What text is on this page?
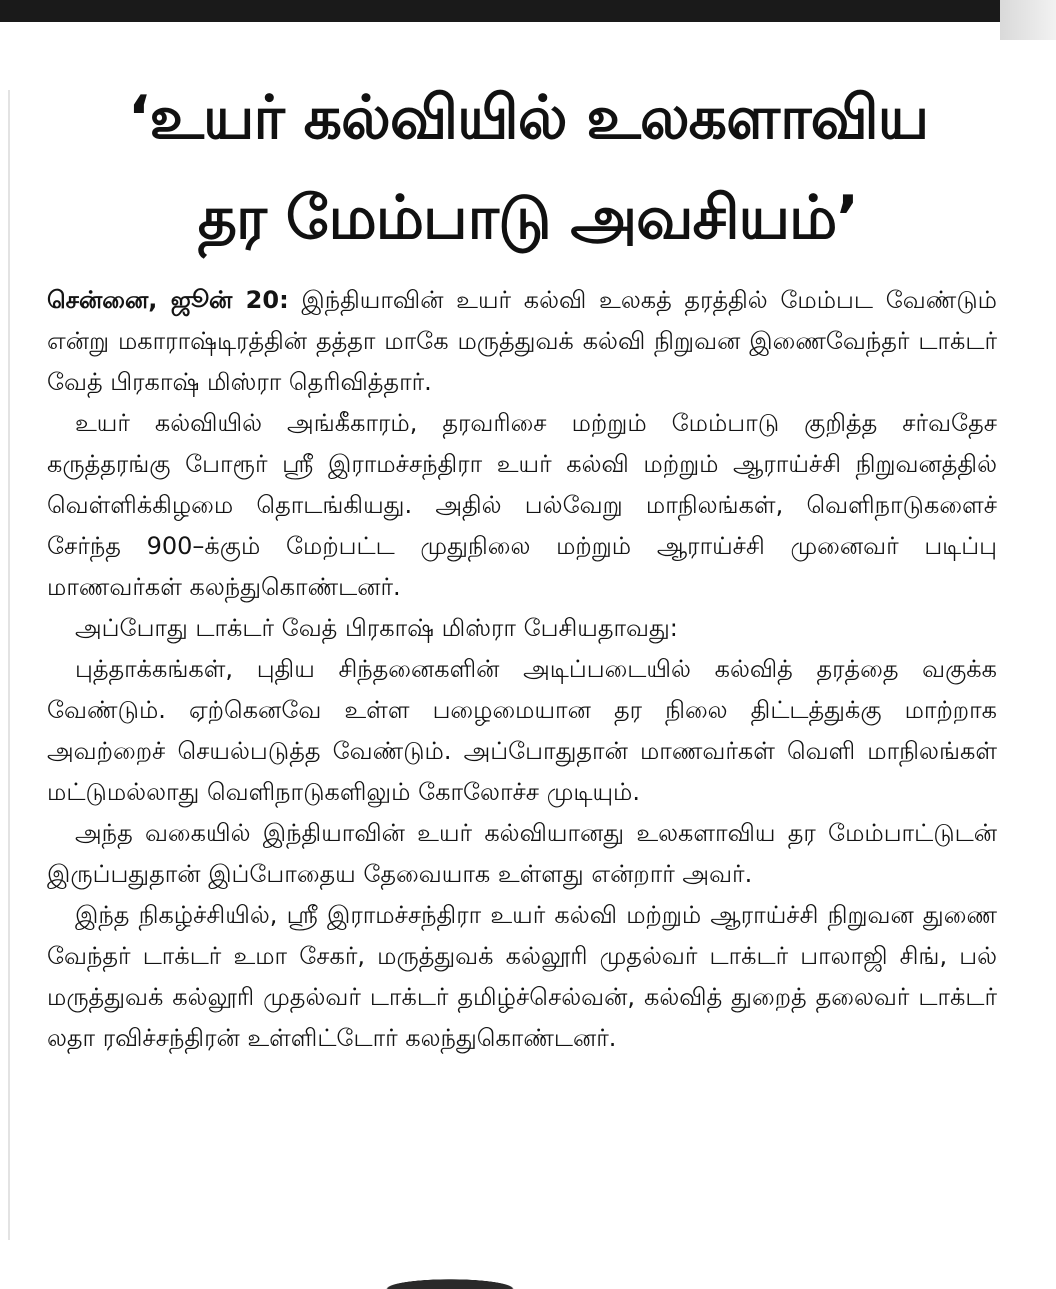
‘உயர் கல்வியில் உலகளாவிய
தர மேம்பாடு அவசியம்’

சென்னை, ஜூன் 20: இந்தியாவின் உயர் கல்வி உலகத் தரத்தில் மேம்பட வேண்டும் என்று மகாராஷ்டிரத்தின் தத்தா மாகே மருத்துவக் கல்வி நிறுவன இணைவேந்தர் டாக்டர் வேத் பிரகாஷ் மிஸ்ரா தெரிவித்தார்.

உயர் கல்வியில் அங்கீகாரம், தரவரிசை மற்றும் மேம்பாடு குறித்த சர்வதேச கருத்தரங்கு போரூர் ஸ்ரீ இராமச்சந்திரா உயர் கல்வி மற்றும் ஆராய்ச்சி நிறுவனத்தில் வெள்ளிக்கிழமை தொடங்கியது. அதில் பல்வேறு மாநிலங்கள், வெளிநாடுகளைச் சேர்ந்த 900–க்கும் மேற்பட்ட முதுநிலை மற்றும் ஆராய்ச்சி முனைவர் படிப்பு மாணவர்கள் கலந்துகொண்டனர்.

அப்போது டாக்டர் வேத் பிரகாஷ் மிஸ்ரா பேசியதாவது:

புத்தாக்கங்கள், புதிய சிந்தனைகளின் அடிப்படையில் கல்வித் தரத்தை வகுக்க வேண்டும். ஏற்கெனவே உள்ள பழைமையான தர நிலை திட்டத்துக்கு மாற்றாக அவற்றைச் செயல்படுத்த வேண்டும். அப்போதுதான் மாணவர்கள் வெளி மாநிலங்கள் மட்டுமல்லாது வெளிநாடுகளிலும் கோலோச்ச முடியும்.

அந்த வகையில் இந்தியாவின் உயர் கல்வியானது உலகளாவிய தர மேம்பாட்டுடன் இருப்பதுதான் இப்போதைய தேவையாக உள்ளது என்றார் அவர்.

இந்த நிகழ்ச்சியில், ஸ்ரீ இராமச்சந்திரா உயர் கல்வி மற்றும் ஆராய்ச்சி நிறுவன துணை வேந்தர் டாக்டர் உமா சேகர், மருத்துவக் கல்லூரி முதல்வர் டாக்டர் பாலாஜி சிங், பல் மருத்துவக் கல்லூரி முதல்வர் டாக்டர் தமிழ்ச்செல்வன், கல்வித் துறைத் தலைவர் டாக்டர் லதா ரவிச்சந்திரன் உள்ளிட்டோர் கலந்துகொண்டனர்.
